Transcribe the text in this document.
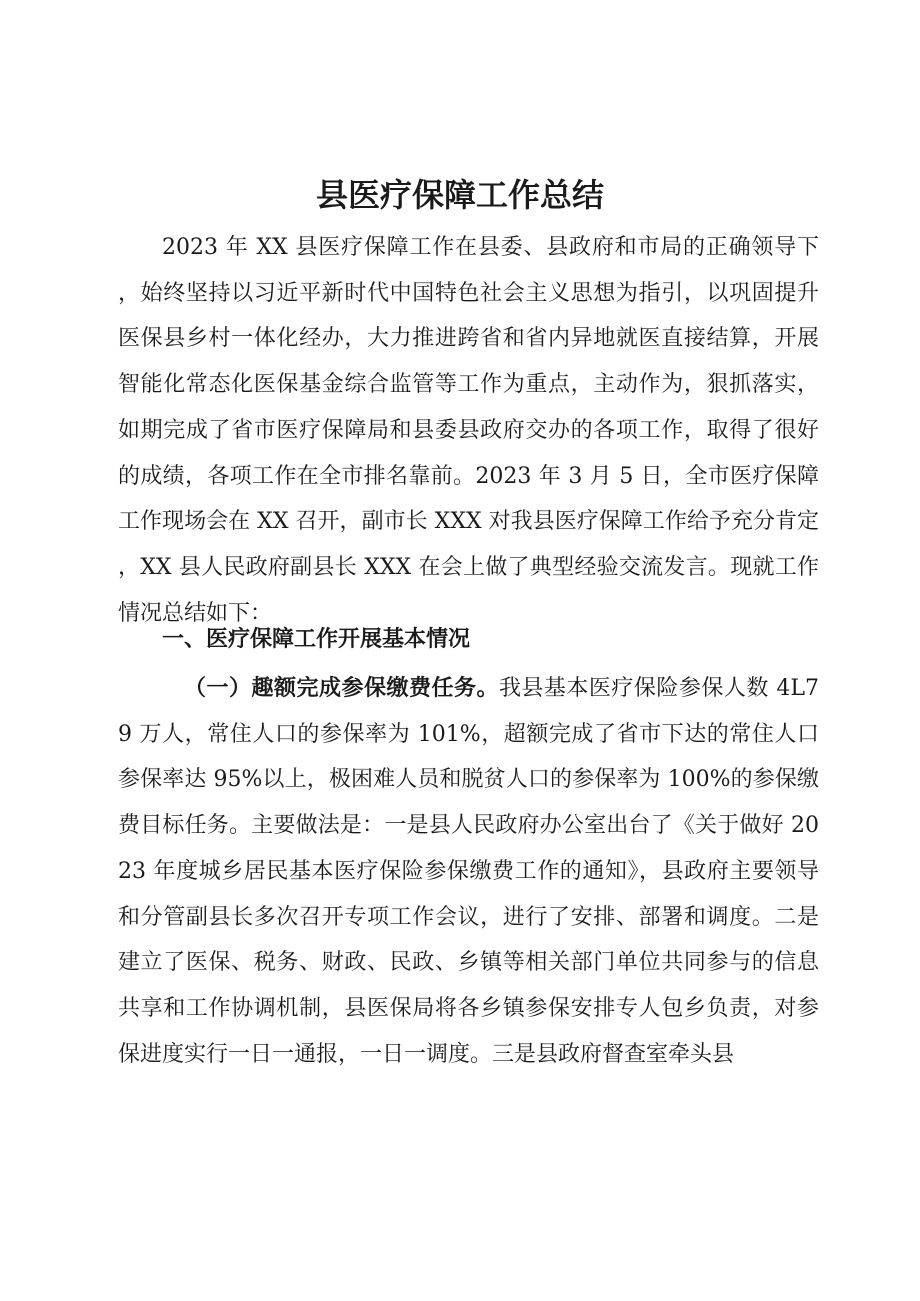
县医疗保障工作总结

2023 年 XX 县医疗保障工作在县委、县政府和市局的正确领导下，始终坚持以习近平新时代中国特色社会主义思想为指引，以巩固提升医保县乡村一体化经办，大力推进跨省和省内异地就医直接结算，开展智能化常态化医保基金综合监管等工作为重点，主动作为，狠抓落实，如期完成了省市医疗保障局和县委县政府交办的各项工作，取得了很好的成绩，各项工作在全市排名靠前。2023 年 3 月 5 日，全市医疗保障工作现场会在 XX 召开，副市长 XXX 对我县医疗保障工作给予充分肯定，XX 县人民政府副县长 XXX 在会上做了典型经验交流发言。现就工作情况总结如下：

一、医疗保障工作开展基本情况

（一）趣额完成参保缴费任务。我县基本医疗保险参保人数 4L79 万人，常住人口的参保率为 101%，超额完成了省市下达的常住人口参保率达 95%以上，极困难人员和脱贫人口的参保率为 100%的参保缴费目标任务。主要做法是：一是县人民政府办公室出台了《关于做好 2023 年度城乡居民基本医疗保险参保缴费工作的通知》，县政府主要领导和分管副县长多次召开专项工作会议，进行了安排、部署和调度。二是建立了医保、税务、财政、民政、乡镇等相关部门单位共同参与的信息共享和工作协调机制，县医保局将各乡镇参保安排专人包乡负责，对参保进度实行一日一通报，一日一调度。三是县政府督查室牵头县
